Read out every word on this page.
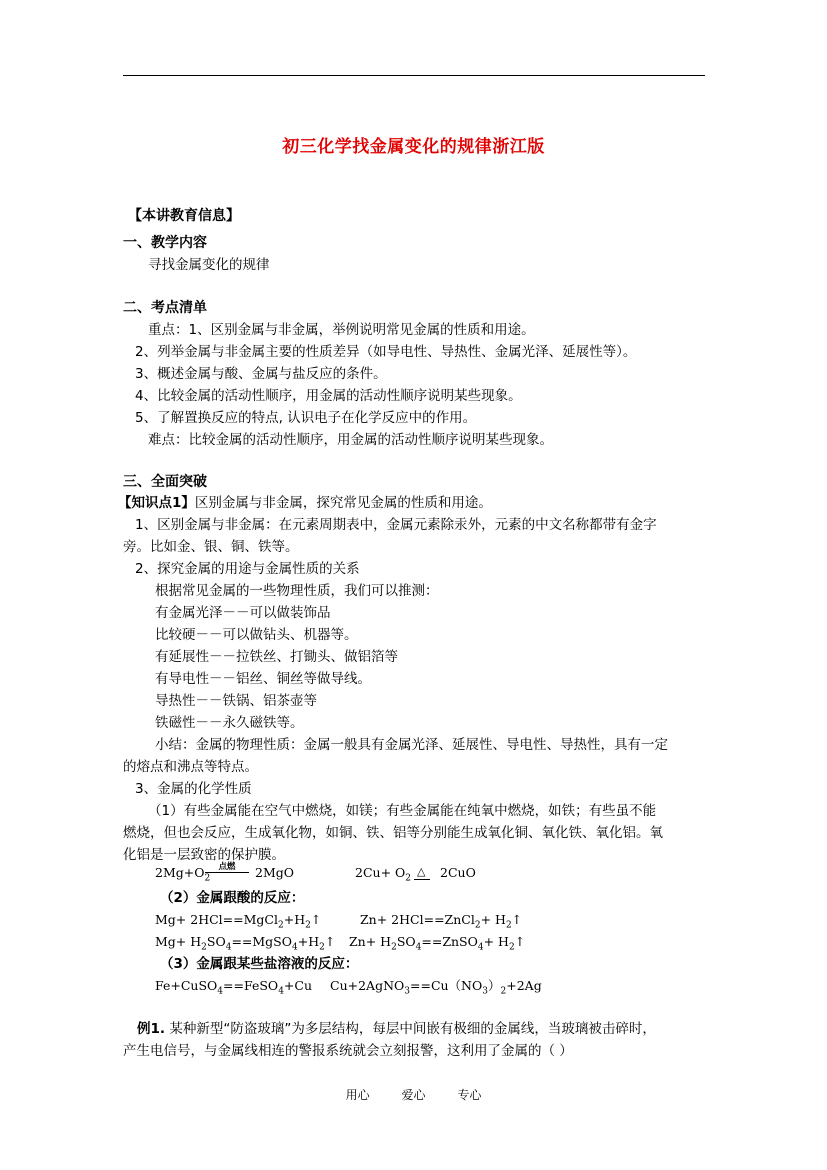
初三化学找金属变化的规律浙江版
【本讲教育信息】
一、教学内容
寻找金属变化的规律
二、考点清单
重点：1、区别金属与非金属，举例说明常见金属的性质和用途。
2、列举金属与非金属主要的性质差异（如导电性、导热性、金属光泽、延展性等）。
3、概述金属与酸、金属与盐反应的条件。
4、比较金属的活动性顺序，用金属的活动性顺序说明某些现象。
5、了解置换反应的特点, 认识电子在化学反应中的作用。
难点：比较金属的活动性顺序，用金属的活动性顺序说明某些现象。
三、全面突破
【知识点1】区别金属与非金属，探究常见金属的性质和用途。
1、区别金属与非金属：在元素周期表中，金属元素除汞外，元素的中文名称都带有金字
旁。比如金、银、铜、铁等。
2、探究金属的用途与金属性质的关系
根据常见金属的一些物理性质，我们可以推测：
有金属光泽－－可以做装饰品
比较硬－－可以做钻头、机器等。
有延展性－－拉铁丝、打锄头、做铝箔等
有导电性－－铝丝、铜丝等做导线。
导热性－－铁锅、铝茶壶等
铁磁性－－永久磁铁等。
小结：金属的物理性质：金属一般具有金属光泽、延展性、导电性、导热性，具有一定
的熔点和沸点等特点。
3、金属的化学性质
（1）有些金属能在空气中燃烧，如镁；有些金属能在纯氧中燃烧，如铁；有些虽不能
燃烧，但也会反应，生成氧化物，如铜、铁、铝等分别能生成氧化铜、氧化铁、氧化铝。氧
化铝是一层致密的保护膜。
$2Mg+O_2$
点燃	2MgO	$2Cu+ O_2$
△ 2CuO
（2）金属跟酸的反应：
$Mg+ 2HCl==MgCl_2+H_2↑$	Zn+ 2HCl==ZnCl$_2$+ $H_2↑$
$Mg+ H_2SO_4==MgSO_4+H_2↑$ $Zn+ H_2SO_4==ZnSO_4+$ $H_2↑$
（3）金属跟某些盐溶液的反应：
Fe+CuSO$_4$==FeSO$_4$+Cu $Cu+2AgNO_3==Cu(NO_3)_2+2Ag$
例1. 某种新型“防盗玻璃”为多层结构，每层中间嵌有极细的金属线，当玻璃被击碎时，
产生电信号，与金属线相连的警报系统就会立刻报警，这利用了金属的（ ）
用心	爱心	专心
